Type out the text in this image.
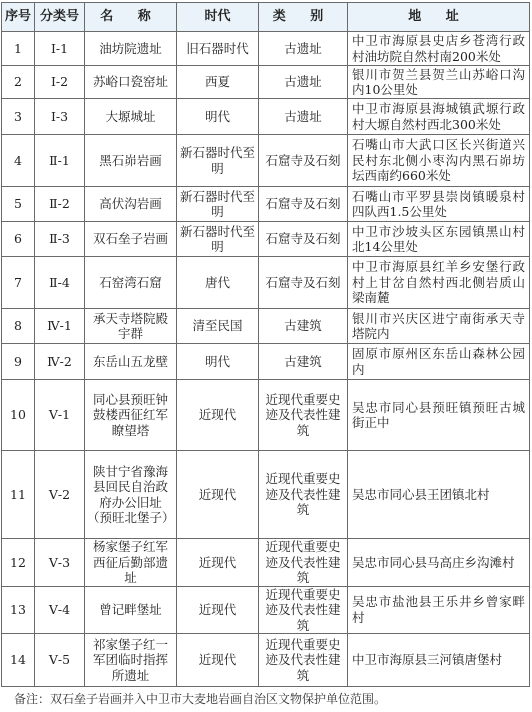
序号	分类号	名 称	时代	类 别	地 址
1	Ⅰ-1	油坊院遗址	旧石器时代	古遗址	中卫市海原县史店乡苍湾行政村油坊院自然村南200米处
2	Ⅰ-2	苏峪口瓷窑址	西夏	古遗址	银川市贺兰县贺兰山苏峪口沟内10公里处
3	Ⅰ-3	大塬城址	明代	古遗址	中卫市海原县海城镇武塬行政村大塬自然村西北300米处
4	Ⅱ-1	黑石峁岩画	新石器时代至明	石窟寺及石刻	石嘴山市大武口区长兴街道兴民村东北侧小枣沟内黑石峁坊坛西南约660米处
5	Ⅱ-2	高伏沟岩画	新石器时代至明	石窟寺及石刻	石嘴山市平罗县崇岗镇暖泉村四队西1.5公里处
6	Ⅱ-3	双石垒子岩画	新石器时代至明	石窟寺及石刻	中卫市沙坡头区东园镇黑山村北14公里处
7	Ⅱ-4	石窑湾石窟	唐代	石窟寺及石刻	中卫市海原县红羊乡安堡行政村上甘岔自然村西北侧岩质山梁南麓
8	Ⅳ-1	承天寺塔院殿宇群	清至民国	古建筑	银川市兴庆区进宁南街承天寺塔院内
9	Ⅳ-2	东岳山五龙壁	明代	古建筑	固原市原州区东岳山森林公园内
10	Ⅴ-1	同心县预旺钟鼓楼西征红军瞭望塔	近现代	近现代重要史迹及代表性建筑	吴忠市同心县预旺镇预旺古城街正中
11	Ⅴ-2	陕甘宁省豫海县回民自治政府办公旧址（预旺北堡子）	近现代	近现代重要史迹及代表性建筑	吴忠市同心县王团镇北村
12	Ⅴ-3	杨家堡子红军西征后勤部遗址	近现代	近现代重要史迹及代表性建筑	吴忠市同心县马高庄乡沟滩村
13	Ⅴ-4	曾记畔堡址	近现代	近现代重要史迹及代表性建筑	吴忠市盐池县王乐井乡曾家畔村
14	Ⅴ-5	祁家堡子红一军团临时指挥所遗址	近现代	近现代重要史迹及代表性建筑	中卫市海原县三河镇唐堡村
备注：双石垒子岩画并入中卫市大麦地岩画自治区文物保护单位范围。
